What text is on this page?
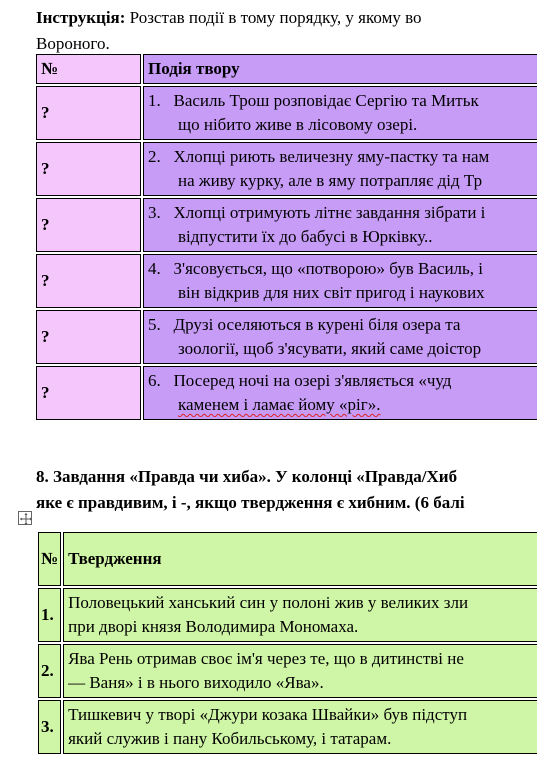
Інструкція: Розстав події в тому порядку, у якому во
Вороного.
№	Подія твору
?	1. Василь Трош розповідає Сергію та Митьк
що нібито живе в лісовому озері.

?	2. Хлопці риють величезну яму-пастку та нам
на живу курку, але в яму потрапляє дід Тр

?	3. Хлопці отримують літнє завдання зібрати і
відпустити їх до бабусі в Юрківку..

?	4. З'ясовується, що «потворою» був Василь, і
він відкрив для них світ пригод і наукових

?	5. Друзі оселяються в курені біля озера та
зоології, щоб з'ясувати, який саме доістор

?	6. Посеред ночі на озері з'являється «чуд
каменем і ламає йому «ріг».
8. Завдання «Правда чи хиба». У колонці «Правда/Хиб
яке є правдивим, і -, якщо твердження є хибним. (6 балі
№	Твердження
1.	Половецький ханський син у полоні жив у великих зли
при дворі князя Володимира Мономаха.

2.	Ява Рень отримав своє ім'я через те, що в дитинстві не
— Ваня» і в нього виходило «Ява».

3.	Тишкевич у творі «Джури козака Швайки» був підступ
який служив і пану Кобильському, і татарам.
